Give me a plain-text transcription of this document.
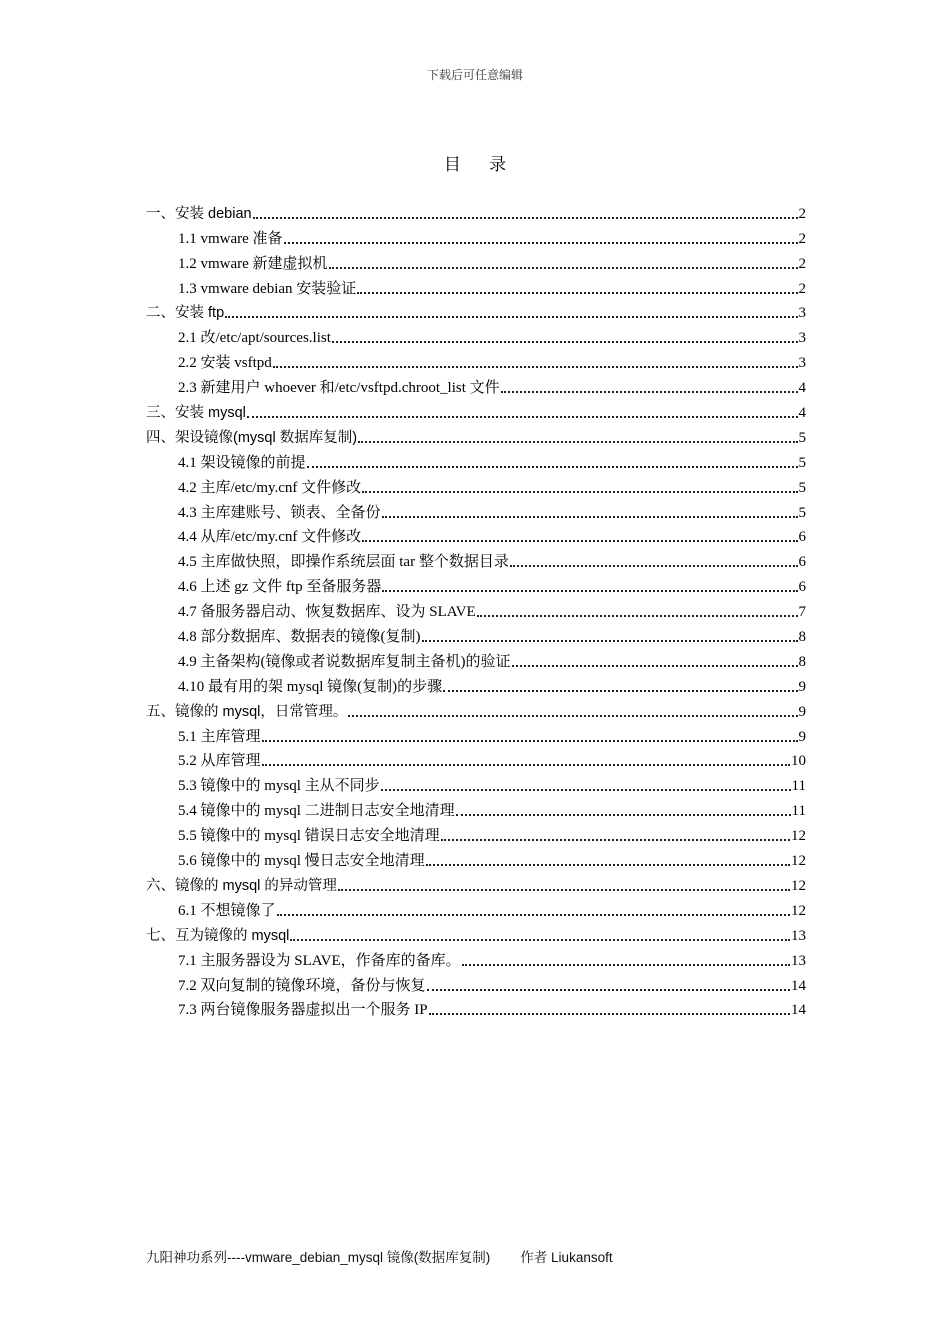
下载后可任意编辑
目 录
一、安装 debian	2
1.1 vmware 准备	2
1.2 vmware 新建虚拟机	2
1.3 vmware debian 安装验证	2
二、安装 ftp	3
2.1 改/etc/apt/sources.list	3
2.2 安装 vsftpd	3
2.3 新建用户 whoever 和/etc/vsftpd.chroot_list 文件	4
三、安装 mysql	4
四、架设镜像(mysql 数据库复制)	5
4.1 架设镜像的前提	5
4.2 主库/etc/my.cnf 文件修改	5
4.3 主库建账号、锁表、全备份	5
4.4 从库/etc/my.cnf 文件修改	6
4.5 主库做快照，即操作系统层面 tar 整个数据目录	6
4.6 上述 gz 文件 ftp 至备服务器	6
4.7 备服务器启动、恢复数据库、设为 SLAVE	7
4.8 部分数据库、数据表的镜像(复制)	8
4.9 主备架构(镜像或者说数据库复制主备机)的验证	8
4.10 最有用的架 mysql 镜像(复制)的步骤	9
五、镜像的 mysql，日常管理。	9
5.1 主库管理	9
5.2 从库管理	10
5.3 镜像中的 mysql 主从不同步	11
5.4 镜像中的 mysql 二进制日志安全地清理	11
5.5 镜像中的 mysql 错误日志安全地清理	12
5.6 镜像中的 mysql 慢日志安全地清理	12
六、镜像的 mysql 的异动管理	12
6.1 不想镜像了	12
七、互为镜像的 mysql	13
7.1 主服务器设为 SLAVE，作备库的备库。	13
7.2 双向复制的镜像环境，备份与恢复	14
7.3 两台镜像服务器虚拟出一个服务 IP	14
九阳神功系列----vmware_debian_mysql 镜像(数据库复制) 作者 Liukansoft
